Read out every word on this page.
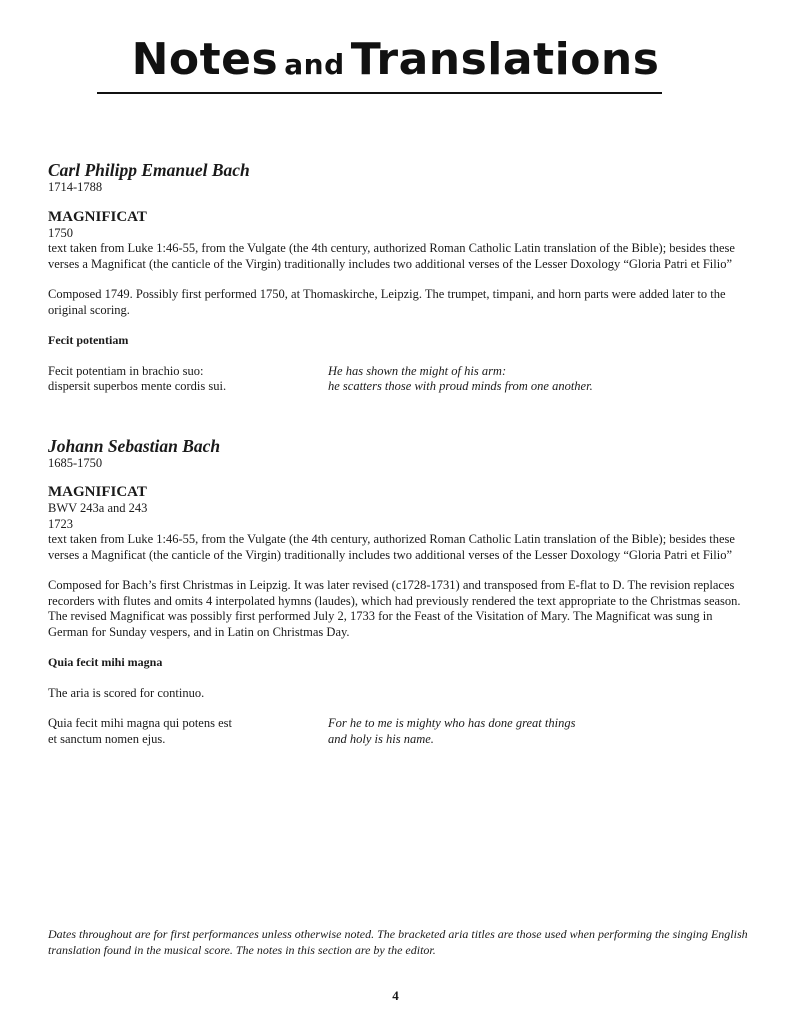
Notes and Translations
Carl Philipp Emanuel Bach

1714-1788

MAGNIFICAT

1750

text taken from Luke 1:46-55, from the Vulgate (the 4th century, authorized Roman Catholic Latin translation of the Bible); besides these verses a Magnificat (the canticle of the Virgin) traditionally includes two additional verses of the Lesser Doxology “Gloria Patri et Filio”

Composed 1749. Possibly first performed 1750, at Thomaskirche, Leipzig. The trumpet, timpani, and horn parts were added later to the original scoring.

Fecit potentiam

Fecit potentiam in brachio suo:

dispersit superbos mente cordis sui.

He has shown the might of his arm:

he scatters those with proud minds from one another.

Johann Sebastian Bach

1685-1750

MAGNIFICAT

BWV 243a and 243

1723

text taken from Luke 1:46-55, from the Vulgate (the 4th century, authorized Roman Catholic Latin translation of the Bible); besides these verses a Magnificat (the canticle of the Virgin) traditionally includes two additional verses of the Lesser Doxology “Gloria Patri et Filio”

Composed for Bach’s first Christmas in Leipzig. It was later revised (c1728-1731) and transposed from E-flat to D. The revision replaces recorders with flutes and omits 4 interpolated hymns (laudes), which had previously rendered the text appropriate to the Christmas season. The revised Magnificat was possibly first performed July 2, 1733 for the Feast of the Visitation of Mary. The Magnificat was sung in German for Sunday vespers, and in Latin on Christmas Day.

Quia fecit mihi magna

The aria is scored for continuo.

Quia fecit mihi magna qui potens est

et sanctum nomen ejus.

For he to me is mighty who has done great things

and holy is his name.

Dates throughout are for first performances unless otherwise noted. The bracketed aria titles are those used when performing the singing English translation found in the musical score. The notes in this section are by the editor.
4
